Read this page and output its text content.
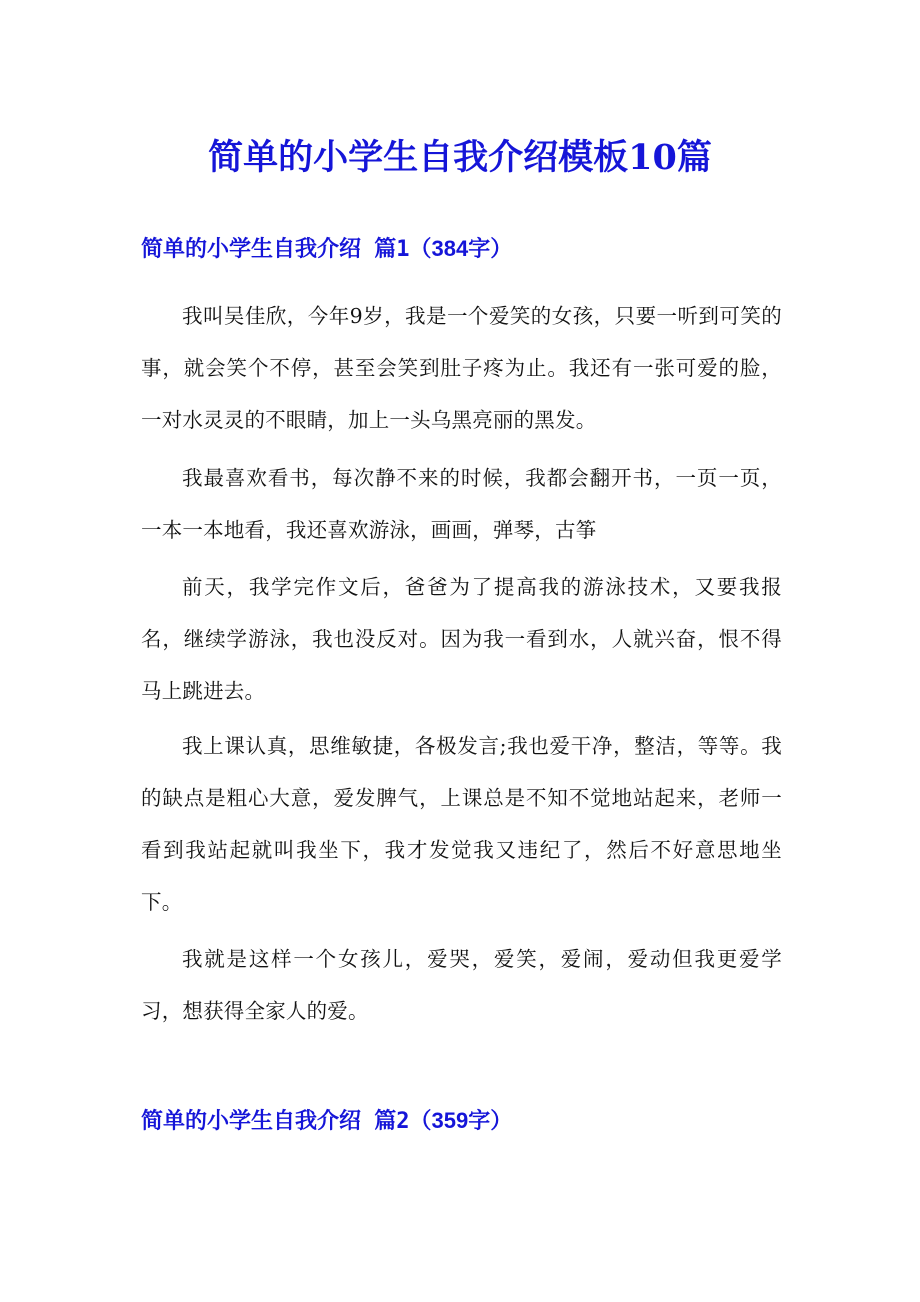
简单的小学生自我介绍模板10篇
简单的小学生自我介绍 篇1（384字）

我叫吴佳欣，今年9岁，我是一个爱笑的女孩，只要一听到可笑的事，就会笑个不停，甚至会笑到肚子疼为止。我还有一张可爱的脸，一对水灵灵的不眼睛，加上一头乌黑亮丽的黑发。

我最喜欢看书，每次静不来的时候，我都会翻开书，一页一页，一本一本地看，我还喜欢游泳，画画，弹琴，古筝

前天，我学完作文后，爸爸为了提高我的游泳技术，又要我报名，继续学游泳，我也没反对。因为我一看到水，人就兴奋，恨不得马上跳进去。

我上课认真，思维敏捷，各极发言;我也爱干净，整洁，等等。我的缺点是粗心大意，爱发脾气，上课总是不知不觉地站起来，老师一看到我站起就叫我坐下，我才发觉我又违纪了，然后不好意思地坐下。

我就是这样一个女孩儿，爱哭，爱笑，爱闹，爱动但我更爱学习，想获得全家人的爱。

简单的小学生自我介绍 篇2（359字）
